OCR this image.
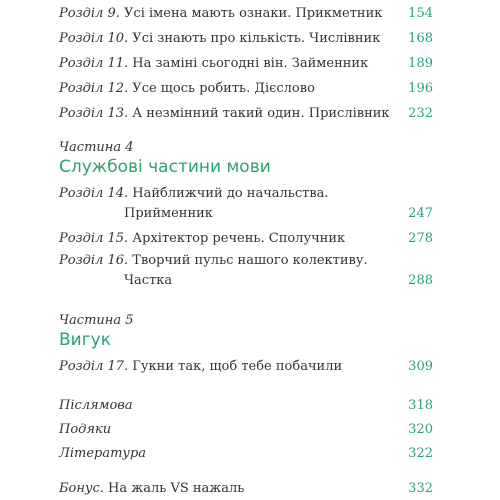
Розділ 9. Усі імена мають ознаки. Прикметник 154
Розділ 10. Усі знають про кількість. Числівник 168
Розділ 11. На заміні сьогодні він. Займенник	189
Розділ 12. Усе щось робить. Дієслово	196
Розділ 13. А незмінний такий один. Прислівник 232
Частина 4
Службові частини мови
Розділ 14. Найближчий до начальства.
Прийменник	247
Розділ 15. Архітектор речень. Сполучник	278
Розділ 16. Творчий пульс нашого колективу.
Частка	288
Частина 5
Вигук
Розділ 17. Гукни так, щоб тебе побачили	309
Післямова	318
Подяки	320
Література	322
Бонус. На жаль VS нажаль	332
